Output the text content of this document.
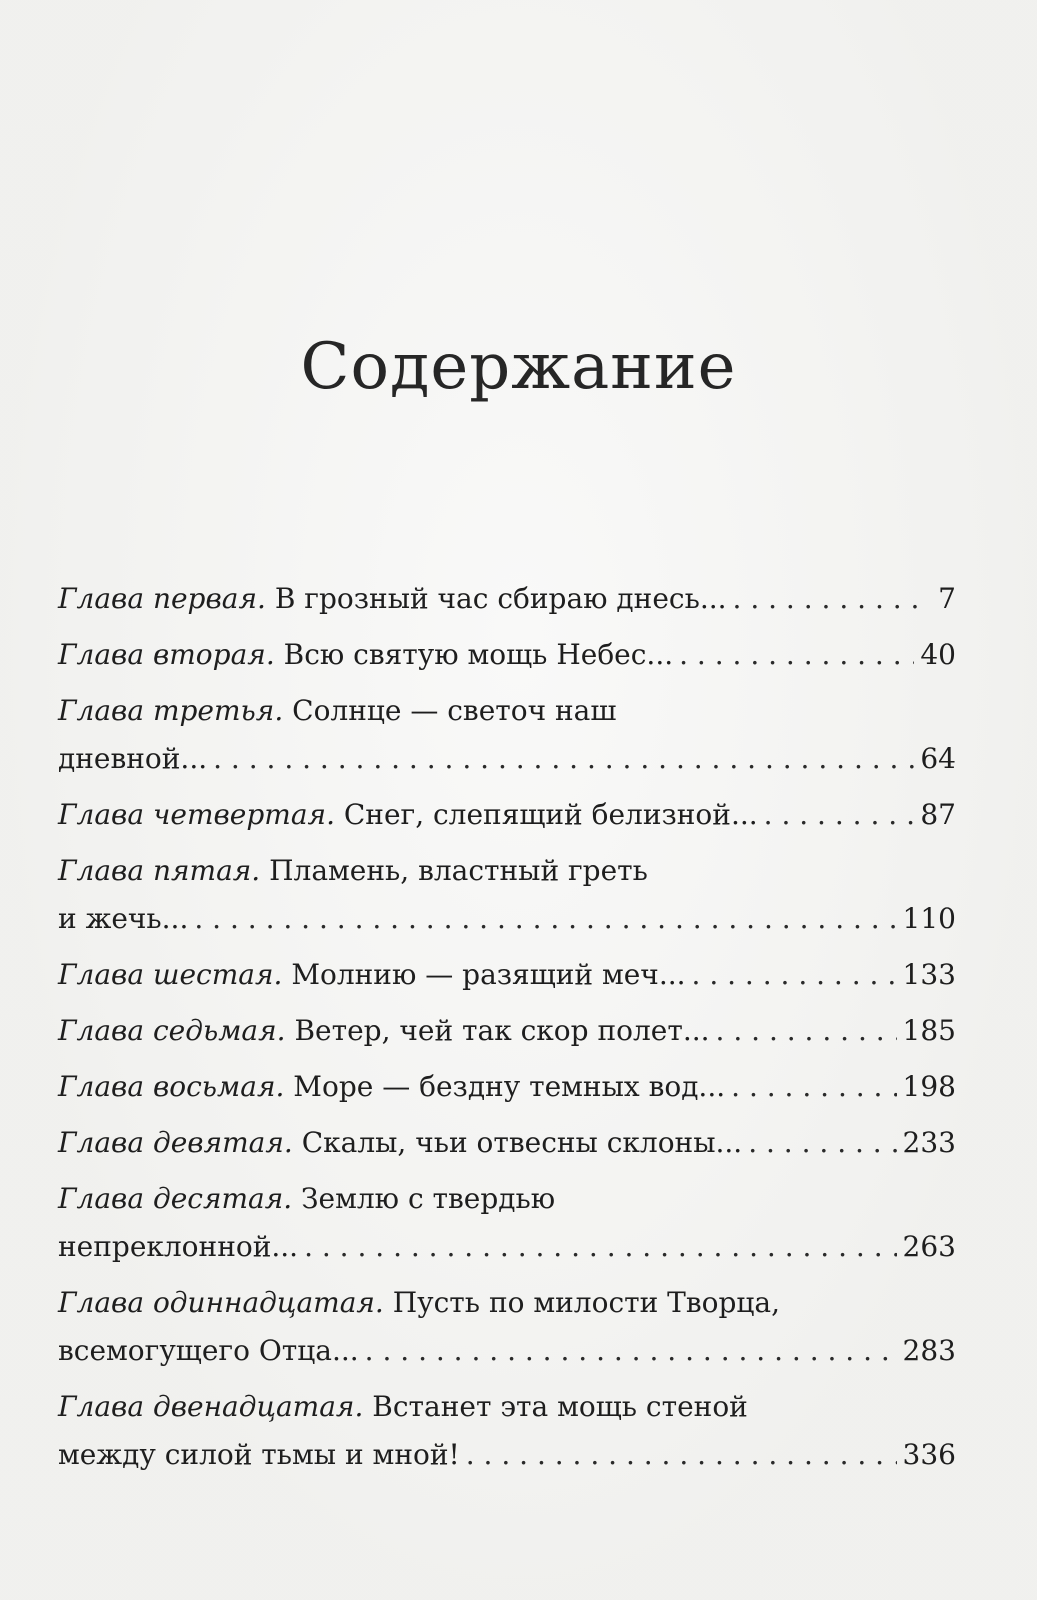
Содержание
Глава первая.
В грозный час сбираю днесь... . . .	7
Глава вторая.
Всю святую мощь Небес... . . .	40
Глава третья. Солнце — светоч наш
дневной... . . .	64
Глава четвертая.
Снег, слепящий белизной... . . .	87
Глава пятая. Пламень, властный греть
и жечь... . . .	110
Глава шестая.
Молнию — разящий меч... . . .	133
Глава седьмая.
Ветер, чей так скор полет... . . .	185
Глава восьмая.
Море — бездну темных вод... . . .	198
Глава девятая.
Скалы, чьи отвесны склоны... . . .	233
Глава десятая. Землю с твердью
непреклонной... . . .	263
Глава одиннадцатая. Пусть по милости Творца,
всемогущего Отца... . . .	283
Глава двенадцатая. Встанет эта мощь стеной
между силой тьмы и мной! . . .	336
